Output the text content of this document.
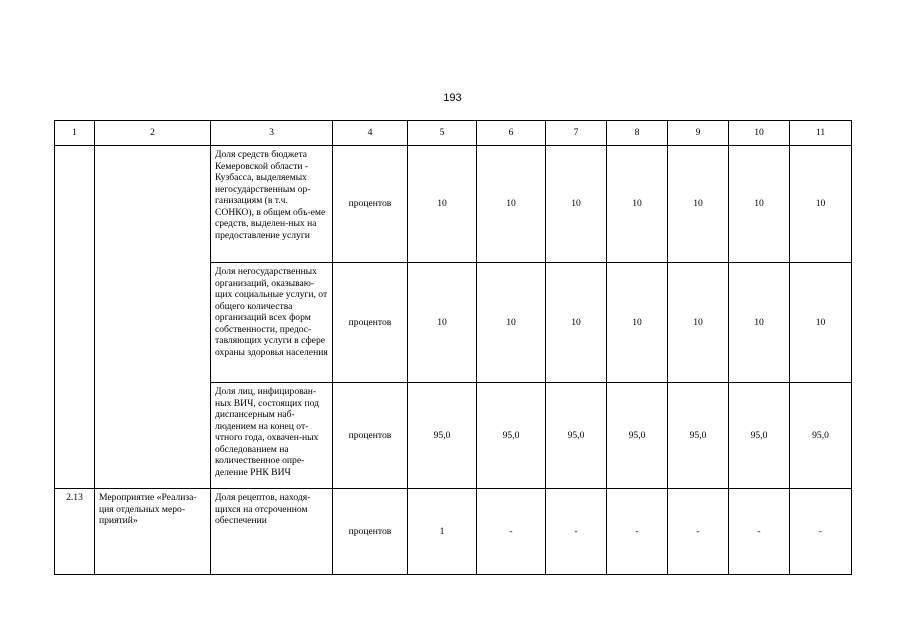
193
1	2	3	4	5	6	7	8	9	10	11
		Доля средств бюджета Кемеровской области - Кузбасса, выделяемых негосударственным ор-ганизациям (в т.ч. СОНКО), в общем объ-еме средств, выделен-ных на предоставление услуги	процентов	10	10	10	10	10	10	10
		Доля негосударственных организаций, оказываю-щих социальные услуги, от общего количества организаций всех форм собственности, предос-тавляющих услуги в сфере охраны здоровья населения	процентов	10	10	10	10	10	10	10
		Доля лиц, инфицирован-ных ВИЧ, состоящих под диспансерным наб-людением на конец от-чтного года, охвачен-ных обследованием на количественное опре-деление РНК ВИЧ	процентов	95,0	95,0	95,0	95,0	95,0	95,0	95,0
2.13	Мероприятие «Реализа-ция отдельных меро-приятий»	Доля рецептов, находя-щихся на отсроченном обеспечении	процентов	1	-	-	-	-	-	-
